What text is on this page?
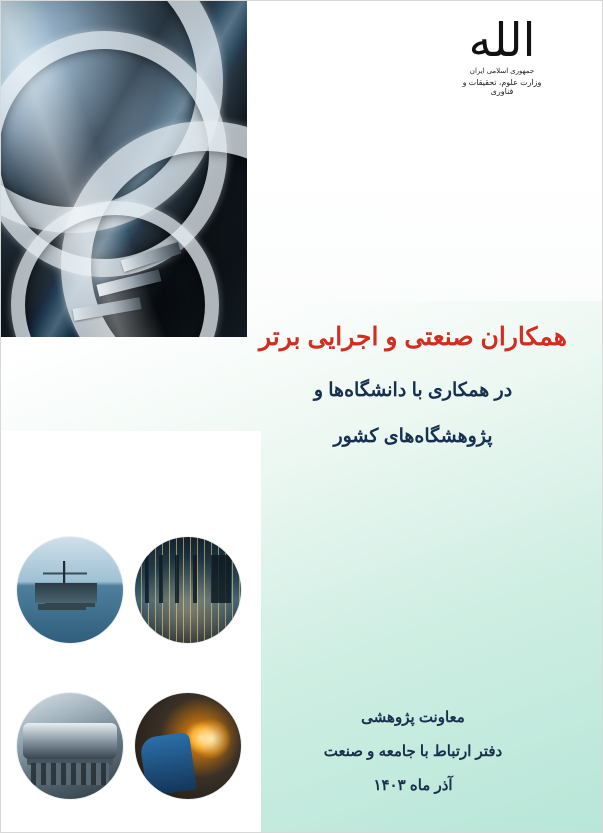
الله
جمهوری اسلامی ایران
وزارت علوم، تحقیقات و فناوری
همکاران صنعتی و اجرایی برتر
در همکاری با دانشگاه‌ها و
پژوهشگاه‌های کشور
معاونت پژوهشی
دفتر ارتباط با جامعه و صنعت
آذر ماه ۱۴۰۳
